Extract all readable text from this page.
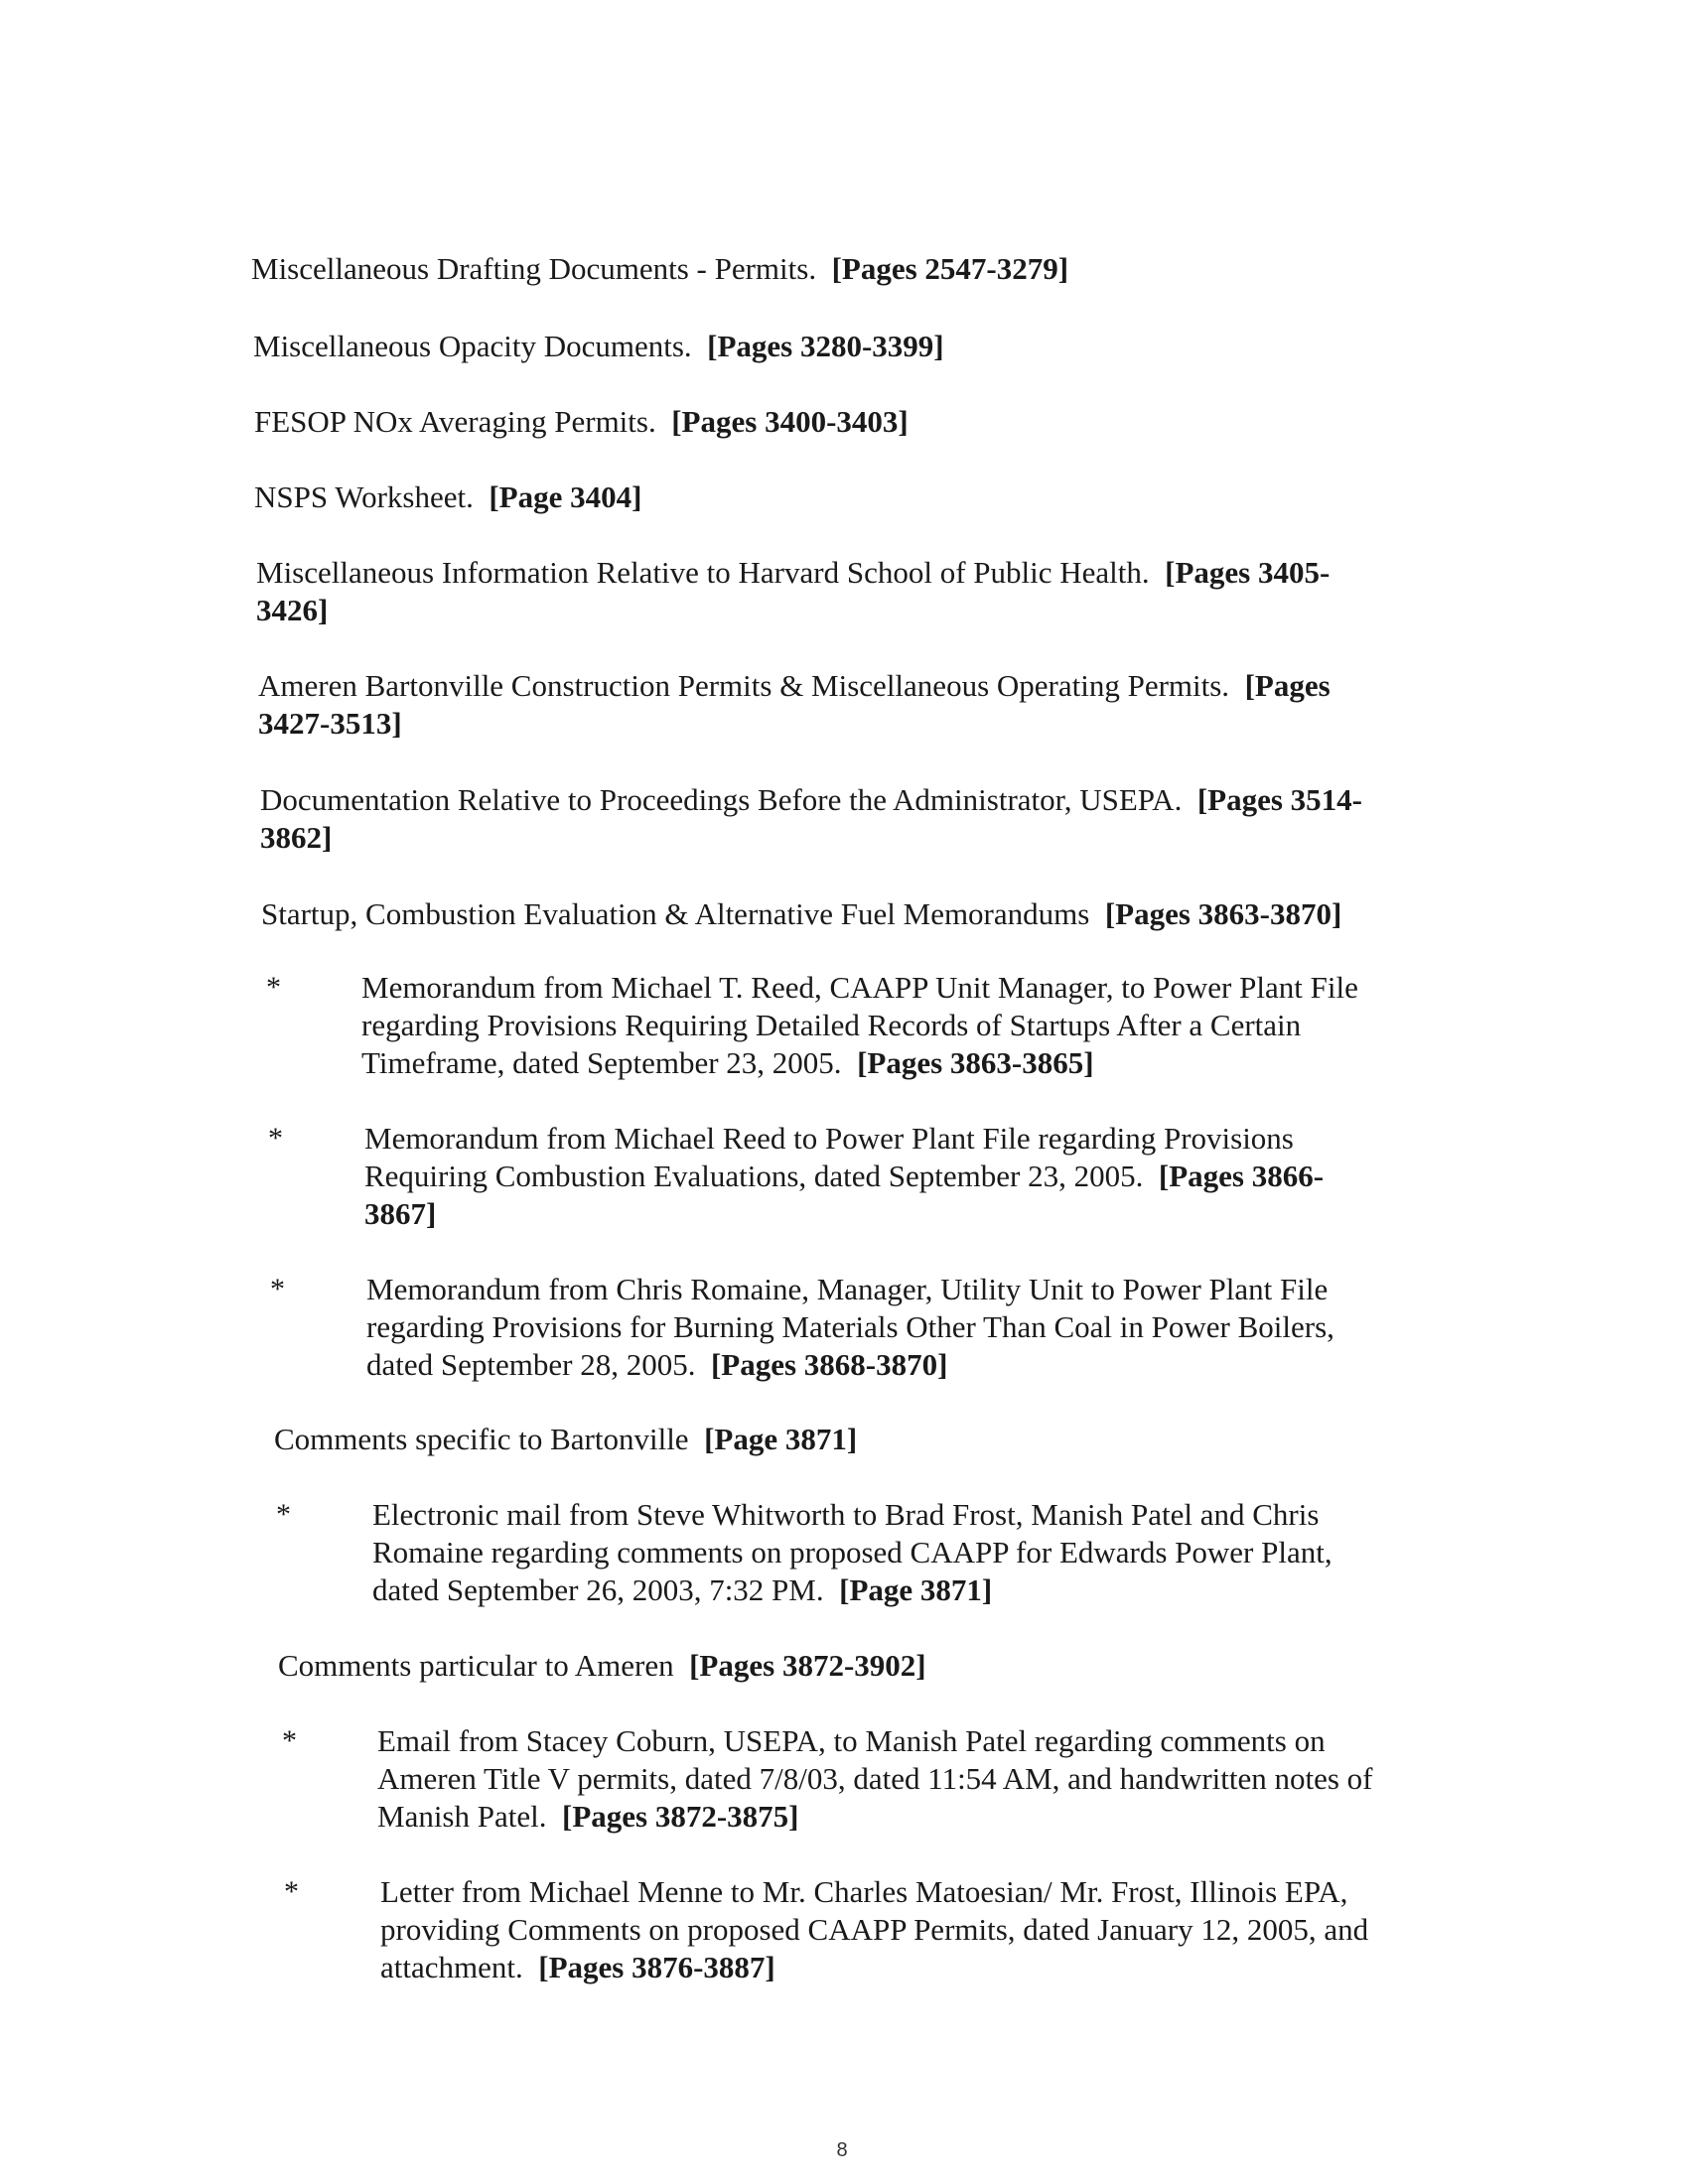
Miscellaneous Drafting Documents - Permits. [Pages 2547-3279]
Miscellaneous Opacity Documents. [Pages 3280-3399]
FESOP NOx Averaging Permits. [Pages 3400-3403]
NSPS Worksheet. [Page 3404]
Miscellaneous Information Relative to Harvard School of Public Health. [Pages 3405-
3426]
Ameren Bartonville Construction Permits & Miscellaneous Operating Permits. [Pages
3427-3513]
Documentation Relative to Proceedings Before the Administrator, USEPA. [Pages 3514-
3862]
Startup, Combustion Evaluation & Alternative Fuel Memorandums [Pages 3863-3870]
*	Memorandum from Michael T. Reed, CAAPP Unit Manager, to Power Plant File
regarding Provisions Requiring Detailed Records of Startups After a Certain
Timeframe, dated September 23, 2005. [Pages 3863-3865]
*	Memorandum from Michael Reed to Power Plant File regarding Provisions
Requiring Combustion Evaluations, dated September 23, 2005. [Pages 3866-
3867]
*	Memorandum from Chris Romaine, Manager, Utility Unit to Power Plant File
regarding Provisions for Burning Materials Other Than Coal in Power Boilers,
dated September 28, 2005. [Pages 3868-3870]
Comments specific to Bartonville [Page 3871]
*	Electronic mail from Steve Whitworth to Brad Frost, Manish Patel and Chris
Romaine regarding comments on proposed CAAPP for Edwards Power Plant,
dated September 26, 2003, 7:32 PM. [Page 3871]
Comments particular to Ameren [Pages 3872-3902]
*	Email from Stacey Coburn, USEPA, to Manish Patel regarding comments on
Ameren Title V permits, dated 7/8/03, dated 11:54 AM, and handwritten notes of
Manish Patel. [Pages 3872-3875]
*	Letter from Michael Menne to Mr. Charles Matoesian/ Mr. Frost, Illinois EPA,
providing Comments on proposed CAAPP Permits, dated January 12, 2005, and
attachment. [Pages 3876-3887]
8
